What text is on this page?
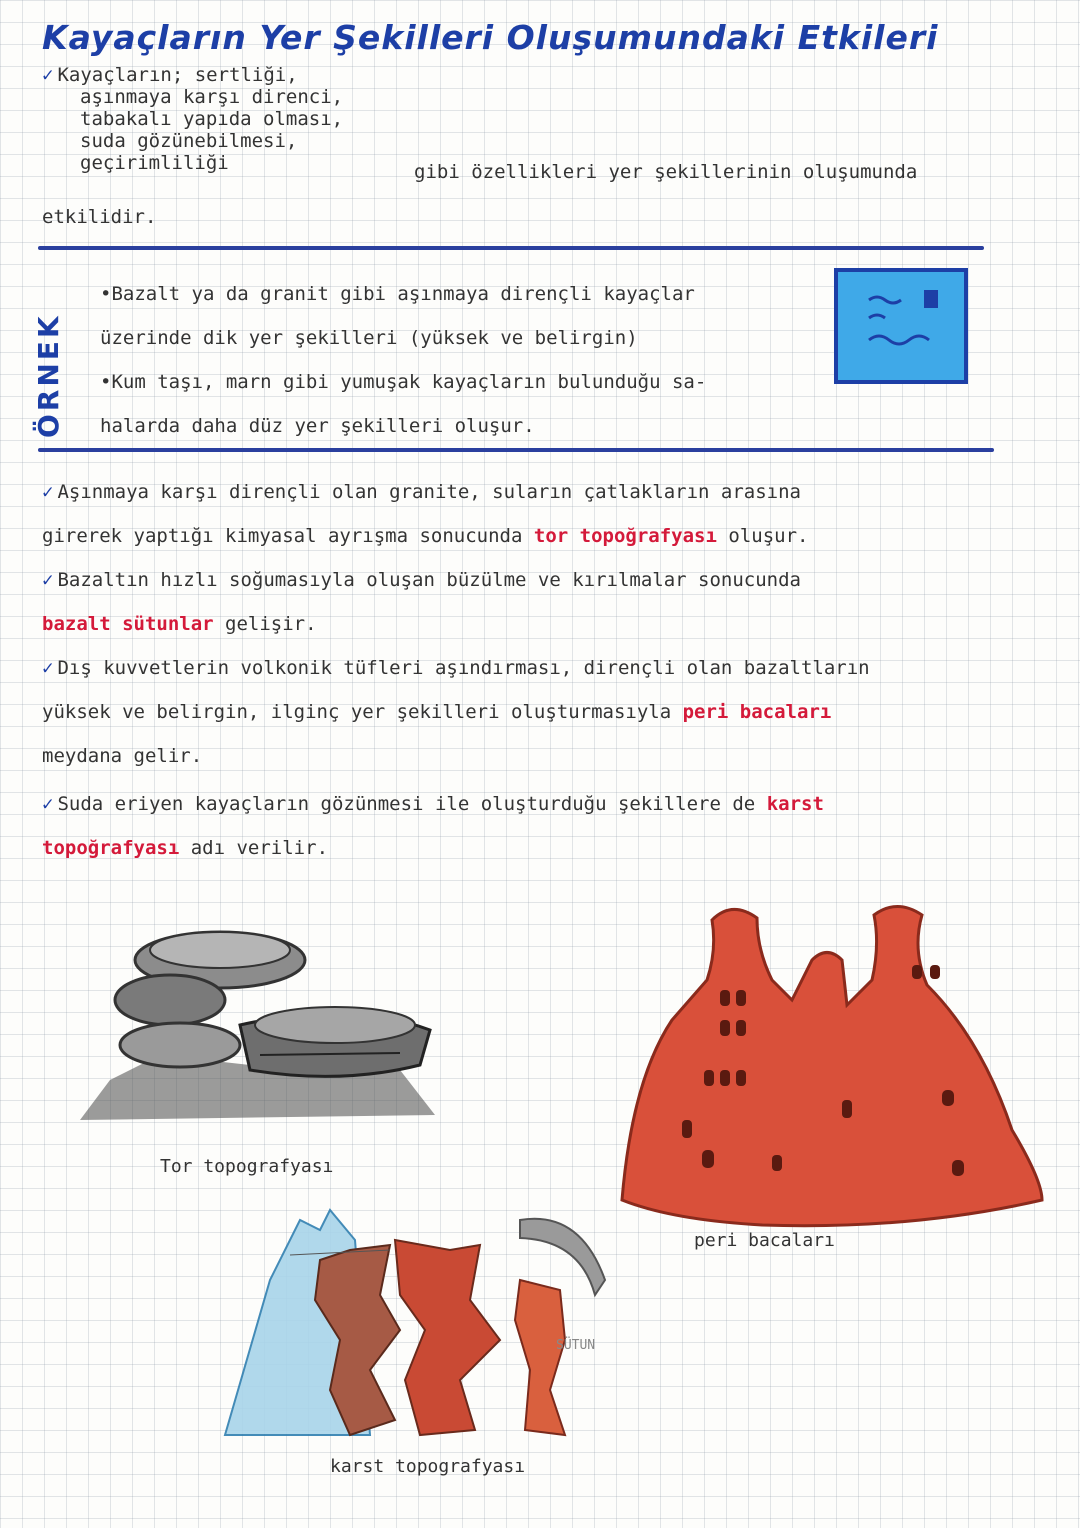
Kayaçların Yer Şekilleri Oluşumundaki Etkileri
✓ Kayaçların; sertliği,
aşınmaya karşı direnci,
tabakalı yapıda olması,
suda gözünebilmesi,
geçirimliliği	gibi özellikleri yer şekillerinin oluşumunda
etkilidir.
ÖRNEK
•Bazalt ya da granit gibi aşınmaya dirençli kayaçlar
üzerinde dik yer şekilleri (yüksek ve belirgin)
•Kum taşı, marn gibi yumuşak kayaçların bulunduğu sa-
halarda daha düz yer şekilleri oluşur.
✓ Aşınmaya karşı dirençli olan granite, suların çatlakların arasına
girerek yaptığı kimyasal ayrışma sonucunda tor topoğrafyası oluşur.
✓ Bazaltın hızlı soğumasıyla oluşan büzülme ve kırılmalar sonucunda
bazalt sütunlar gelişir.
✓ Dış kuvvetlerin volkonik tüfleri aşındırması, dirençli olan bazaltların
yüksek ve belirgin, ilginç yer şekilleri oluşturmasıyla peri bacaları
meydana gelir.
✓ Suda eriyen kayaçların gözünmesi ile oluşturduğu şekillere de karst
topoğrafyası adı verilir.
Tor topografyası
peri bacaları
SÜTUN
karst topografyası
